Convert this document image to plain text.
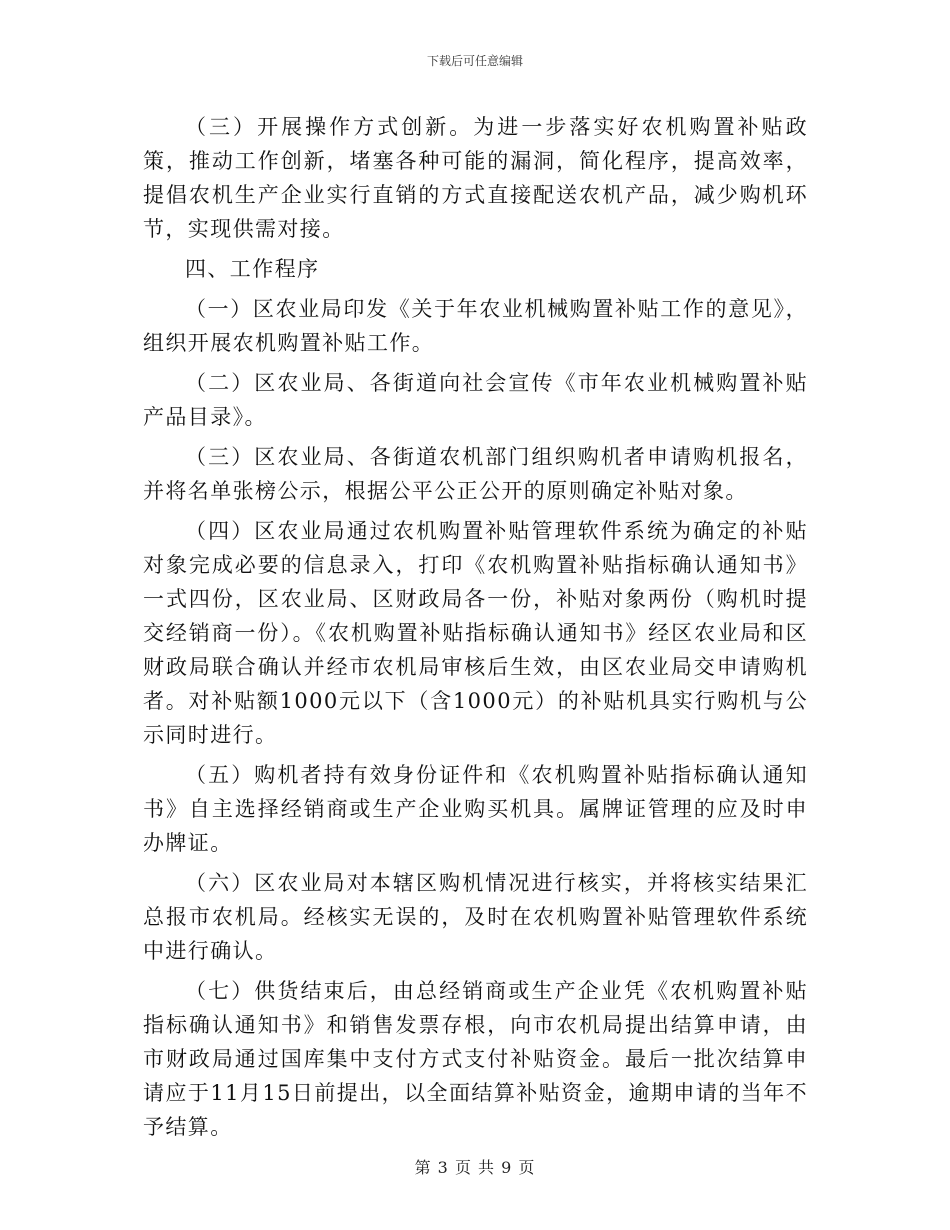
下载后可任意编辑

（三）开展操作方式创新。为进一步落实好农机购置补贴政策，推动工作创新，堵塞各种可能的漏洞，简化程序，提高效率，提倡农机生产企业实行直销的方式直接配送农机产品，减少购机环节，实现供需对接。

四、工作程序

（一）区农业局印发《关于年农业机械购置补贴工作的意见》，组织开展农机购置补贴工作。

（二）区农业局、各街道向社会宣传《市年农业机械购置补贴产品目录》。

（三）区农业局、各街道农机部门组织购机者申请购机报名，并将名单张榜公示，根据公平公正公开的原则确定补贴对象。

（四）区农业局通过农机购置补贴管理软件系统为确定的补贴对象完成必要的信息录入，打印《农机购置补贴指标确认通知书》一式四份，区农业局、区财政局各一份，补贴对象两份（购机时提交经销商一份）。《农机购置补贴指标确认通知书》经区农业局和区财政局联合确认并经市农机局审核后生效，由区农业局交申请购机者。对补贴额1000元以下（含1000元）的补贴机具实行购机与公示同时进行。

（五）购机者持有效身份证件和《农机购置补贴指标确认通知书》自主选择经销商或生产企业购买机具。属牌证管理的应及时申办牌证。

（六）区农业局对本辖区购机情况进行核实，并将核实结果汇总报市农机局。经核实无误的，及时在农机购置补贴管理软件系统中进行确认。

（七）供货结束后，由总经销商或生产企业凭《农机购置补贴指标确认通知书》和销售发票存根，向市农机局提出结算申请，由市财政局通过国库集中支付方式支付补贴资金。最后一批次结算申请应于11月15日前提出，以全面结算补贴资金，逾期申请的当年不予结算。

第 3 页 共 9 页
